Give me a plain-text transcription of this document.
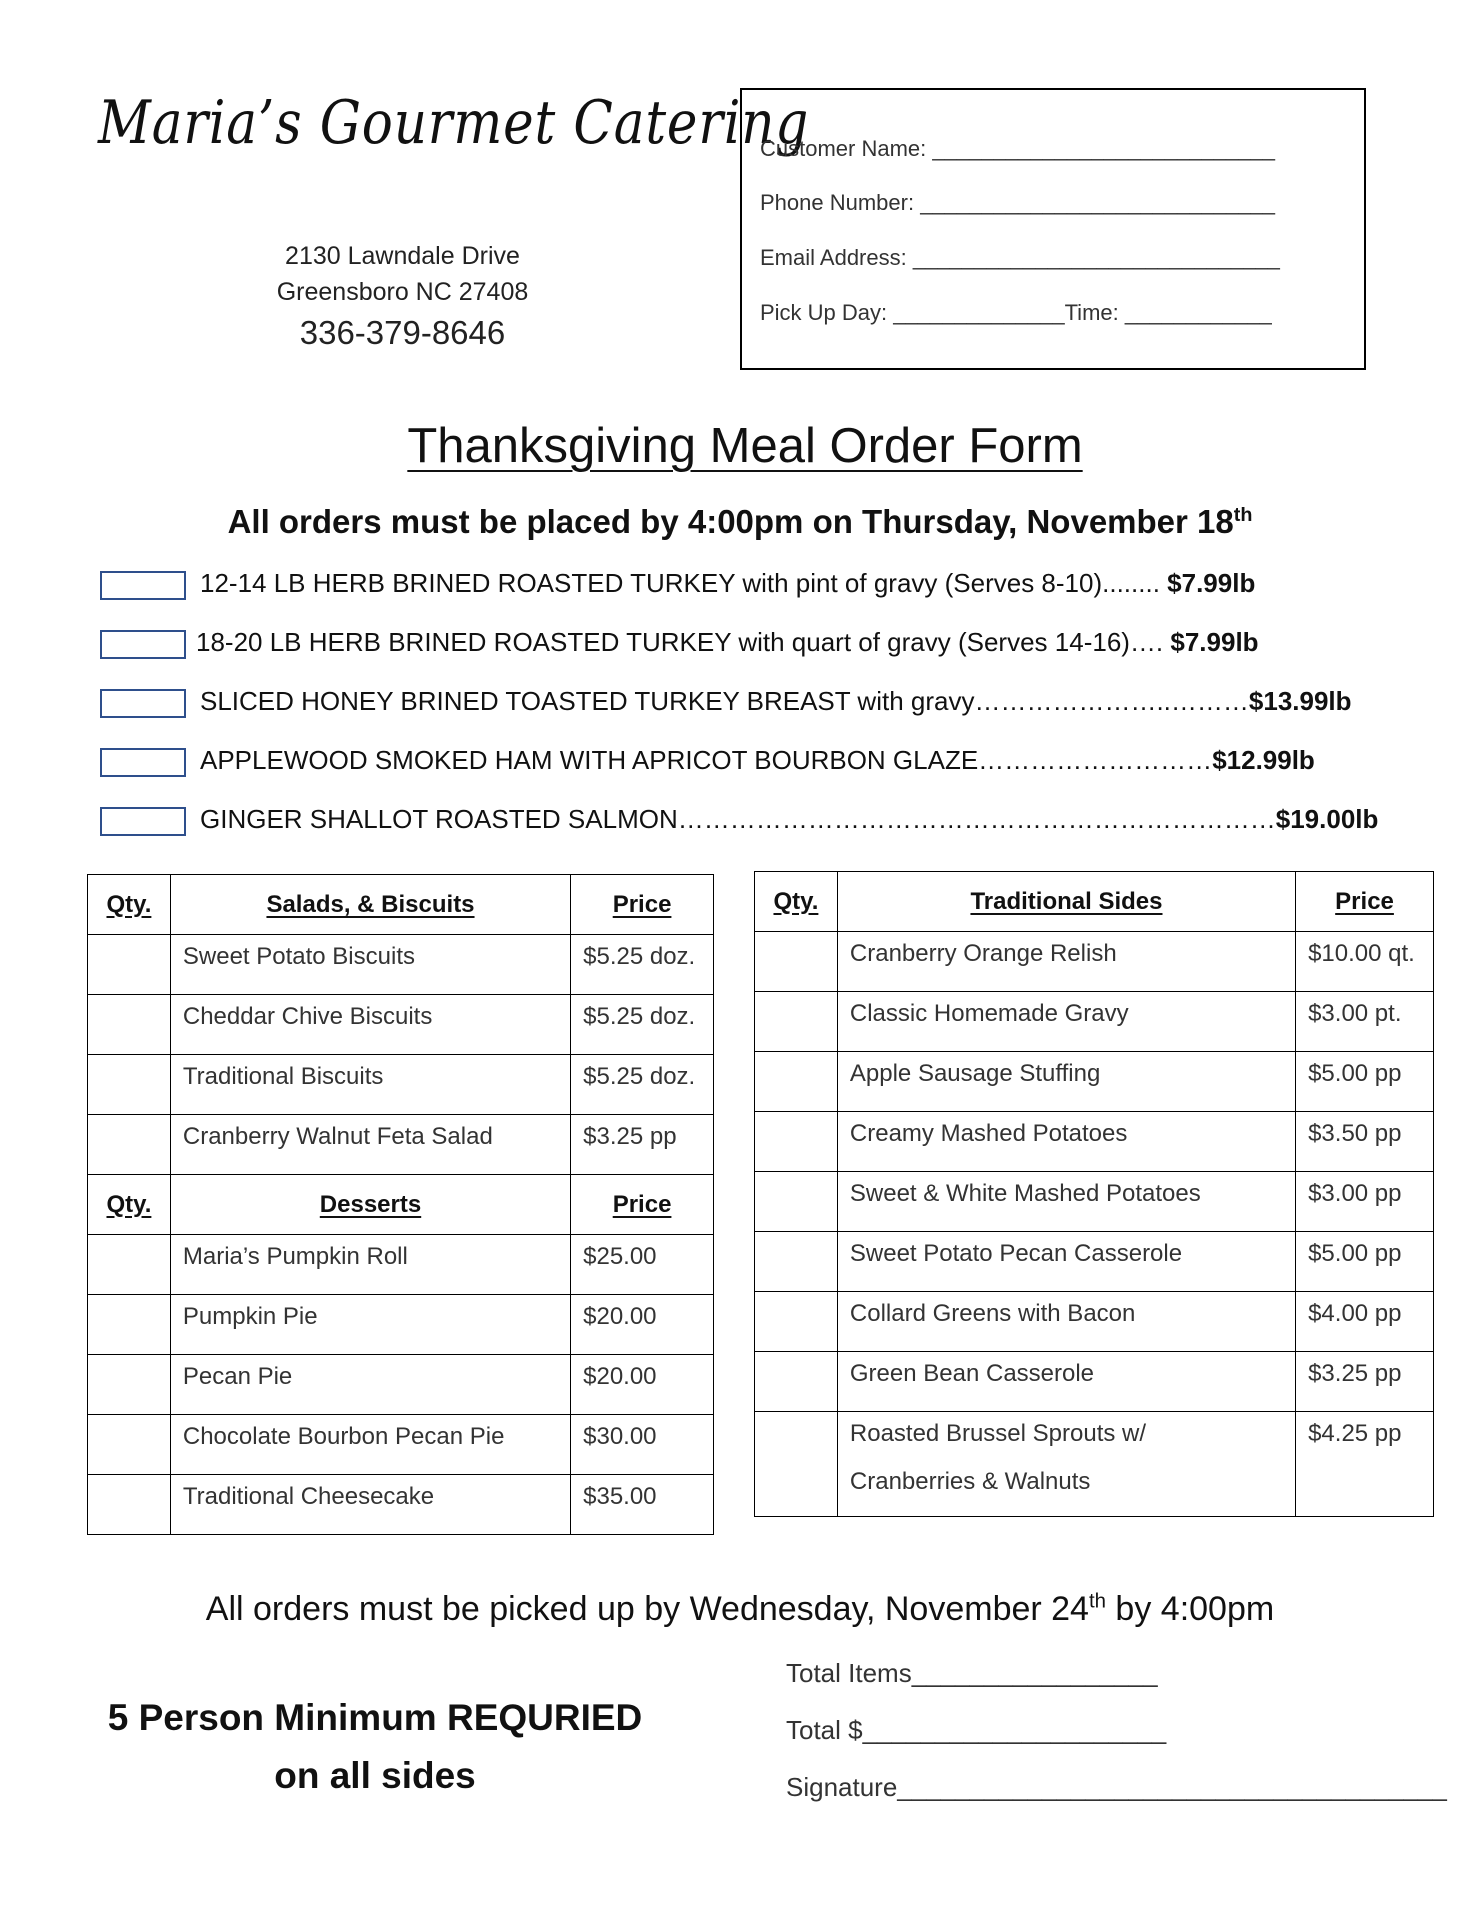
Maria’s Gourmet Catering
2130 Lawndale Drive
Greensboro NC 27408
336-379-8646
Customer Name: ____________________________
Phone Number: _____________________________
Email Address: ______________________________
Pick Up Day: ______________Time: ____________
Thanksgiving Meal Order Form
All orders must be placed by 4:00pm on Thursday, November 18th
12-14 LB HERB BRINED ROASTED TURKEY with pint of gravy (Serves 8-10)........ $7.99lb
18-20 LB HERB BRINED ROASTED TURKEY with quart of gravy (Serves 14-16)…. $7.99lb
SLICED HONEY BRINED TOASTED TURKEY BREAST with gravy…………………..………$13.99lb
APPLEWOOD SMOKED HAM WITH APRICOT BOURBON GLAZE………………………$12.99lb
GINGER SHALLOT ROASTED SALMON……………………………………………………………$19.00lb
Qty.	Salads, & Biscuits	Price
	Sweet Potato Biscuits	$5.25 doz.
	Cheddar Chive Biscuits	$5.25 doz.
	Traditional Biscuits	$5.25 doz.
	Cranberry Walnut Feta Salad	$3.25 pp
Qty.	Desserts	Price
	Maria’s Pumpkin Roll	$25.00
	Pumpkin Pie	$20.00
	Pecan Pie	$20.00
	Chocolate Bourbon Pecan Pie	$30.00
	Traditional Cheesecake	$35.00
Qty.	Traditional Sides	Price
	Cranberry Orange Relish	$10.00 qt.
	Classic Homemade Gravy	$3.00 pt.
	Apple Sausage Stuffing	$5.00 pp
	Creamy Mashed Potatoes	$3.50 pp
	Sweet & White Mashed Potatoes	$3.00 pp
	Sweet Potato Pecan Casserole	$5.00 pp
	Collard Greens with Bacon	$4.00 pp
	Green Bean Casserole	$3.25 pp

	Roasted Brussel Sprouts w/
Cranberries & Walnuts	$4.25 pp
All orders must be picked up by Wednesday, November 24th by 4:00pm
5 Person Minimum REQURIED
on all sides
Total Items_________________
Total $_____________________
Signature______________________________________
